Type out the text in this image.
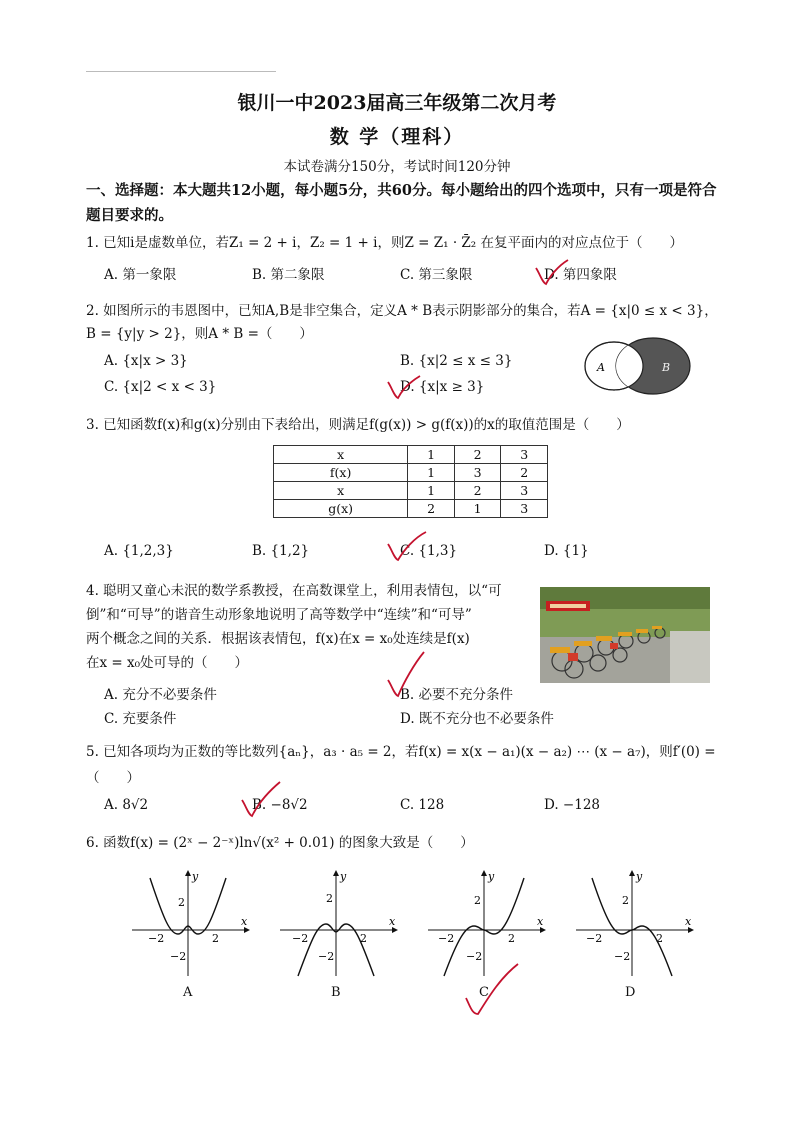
银川一中2023届高三年级第二次月考
数 学（理科）
本试卷满分150分，考试时间120分钟
一、选择题：本大题共12小题，每小题5分，共60分。每小题给出的四个选项中，只有一项是符合题目要求的。
1. 已知i是虚数单位，若Z₁ = 2 + i，Z₂ = 1 + i，则Z = Z₁ · Z̄₂ 在复平面内的对应点位于（　　）
A. 第一象限	B. 第二象限	C. 第三象限	D. 第四象限
2. 如图所示的韦恩图中，已知A,B是非空集合，定义A * B表示阴影部分的集合，若A = {x|0 ≤ x < 3}，
B = {y|y > 2}，则A * B =（　　）
A. {x|x > 3}	B. {x|2 ≤ x ≤ 3}
C. {x|2 < x < 3}	D. {x|x ≥ 3}
A	B
3. 已知函数f(x)和g(x)分别由下表给出，则满足f(g(x)) > g(f(x))的x的取值范围是（　　）
x	1	2	3
f(x)	1	3	2
x	1	2	3
g(x)	2	1	3
A. {1,2,3}	B. {1,2}	C. {1,3}	D. {1}
4. 聪明又童心未泯的数学系教授，在高数课堂上，利用表情包，以“可
倒”和“可导”的谐音生动形象地说明了高等数学中“连续”和“可导”
两个概念之间的关系．根据该表情包，f(x)在x = x₀处连续是f(x)
在x = x₀处可导的（　　）
A. 充分不必要条件	B. 必要不充分条件
C. 充要条件	D. 既不充分也不必要条件
5. 已知各项均为正数的等比数列{aₙ}，a₃ · a₅ = 2，若f(x) = x(x − a₁)(x − a₂) ⋯ (x − a₇)，则f′(0) =
（　　）
A. 8√2	B. −8√2	C. 128	D. −128
6. 函数f(x) = (2ˣ − 2⁻ˣ)ln√(x² + 0.01) 的图象大致是（　　）
x
y
−2	2
2
−2
A
x
y
−2	2
2
−2
B
x
y
−2	2
2
−2
C
x
y
−2	2
2
−2
D
